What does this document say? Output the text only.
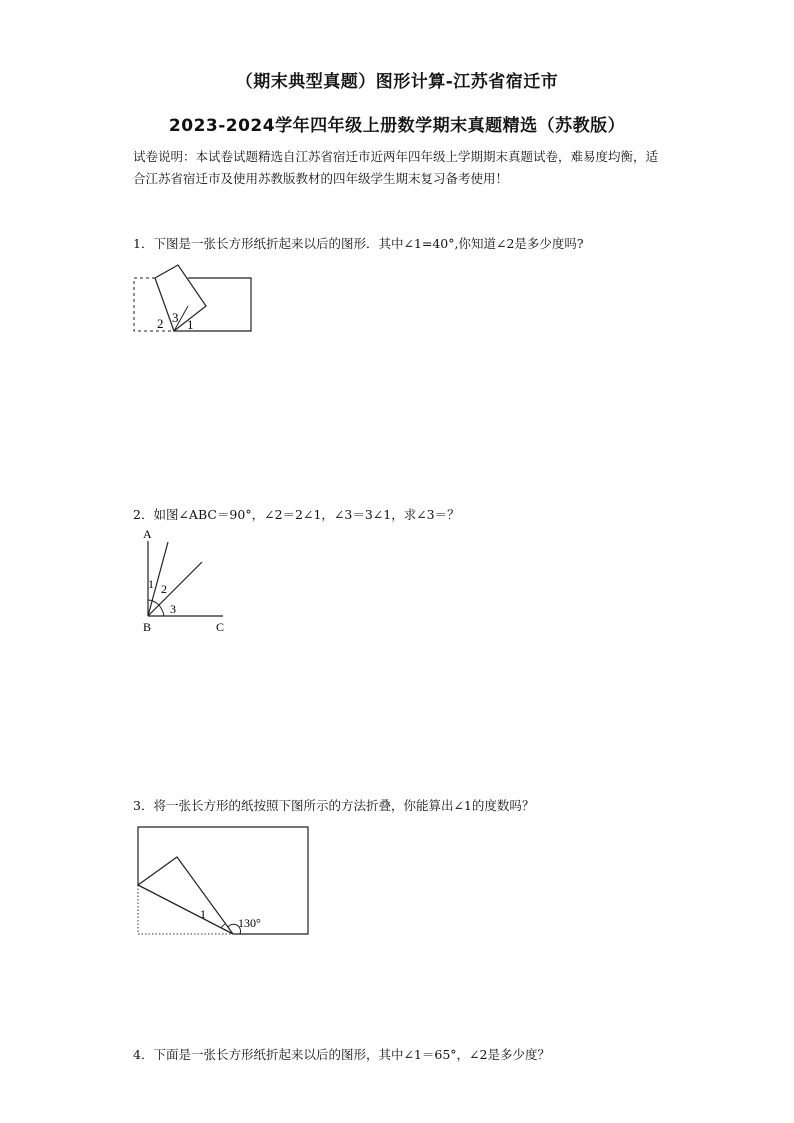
（期末典型真题）图形计算-江苏省宿迁市
2023-2024学年四年级上册数学期末真题精选（苏教版）
试卷说明：本试卷试题精选自江苏省宿迁市近两年四年级上学期期末真题试卷，难易度均衡，适合江苏省宿迁市及使用苏教版教材的四年级学生期末复习备考使用！
1．下图是一张长方形纸折起来以后的图形．其中∠1=40°,你知道∠2是多少度吗?
2 3 1
2．如图∠ABC＝90°，∠2＝2∠1，∠3＝3∠1，求∠3＝？
A
1 2
3
B	C
3．将一张长方形的纸按照下图所示的方法折叠，你能算出∠1的度数吗？
1
130°
4．下面是一张长方形纸折起来以后的图形，其中∠1＝65°，∠2是多少度？
